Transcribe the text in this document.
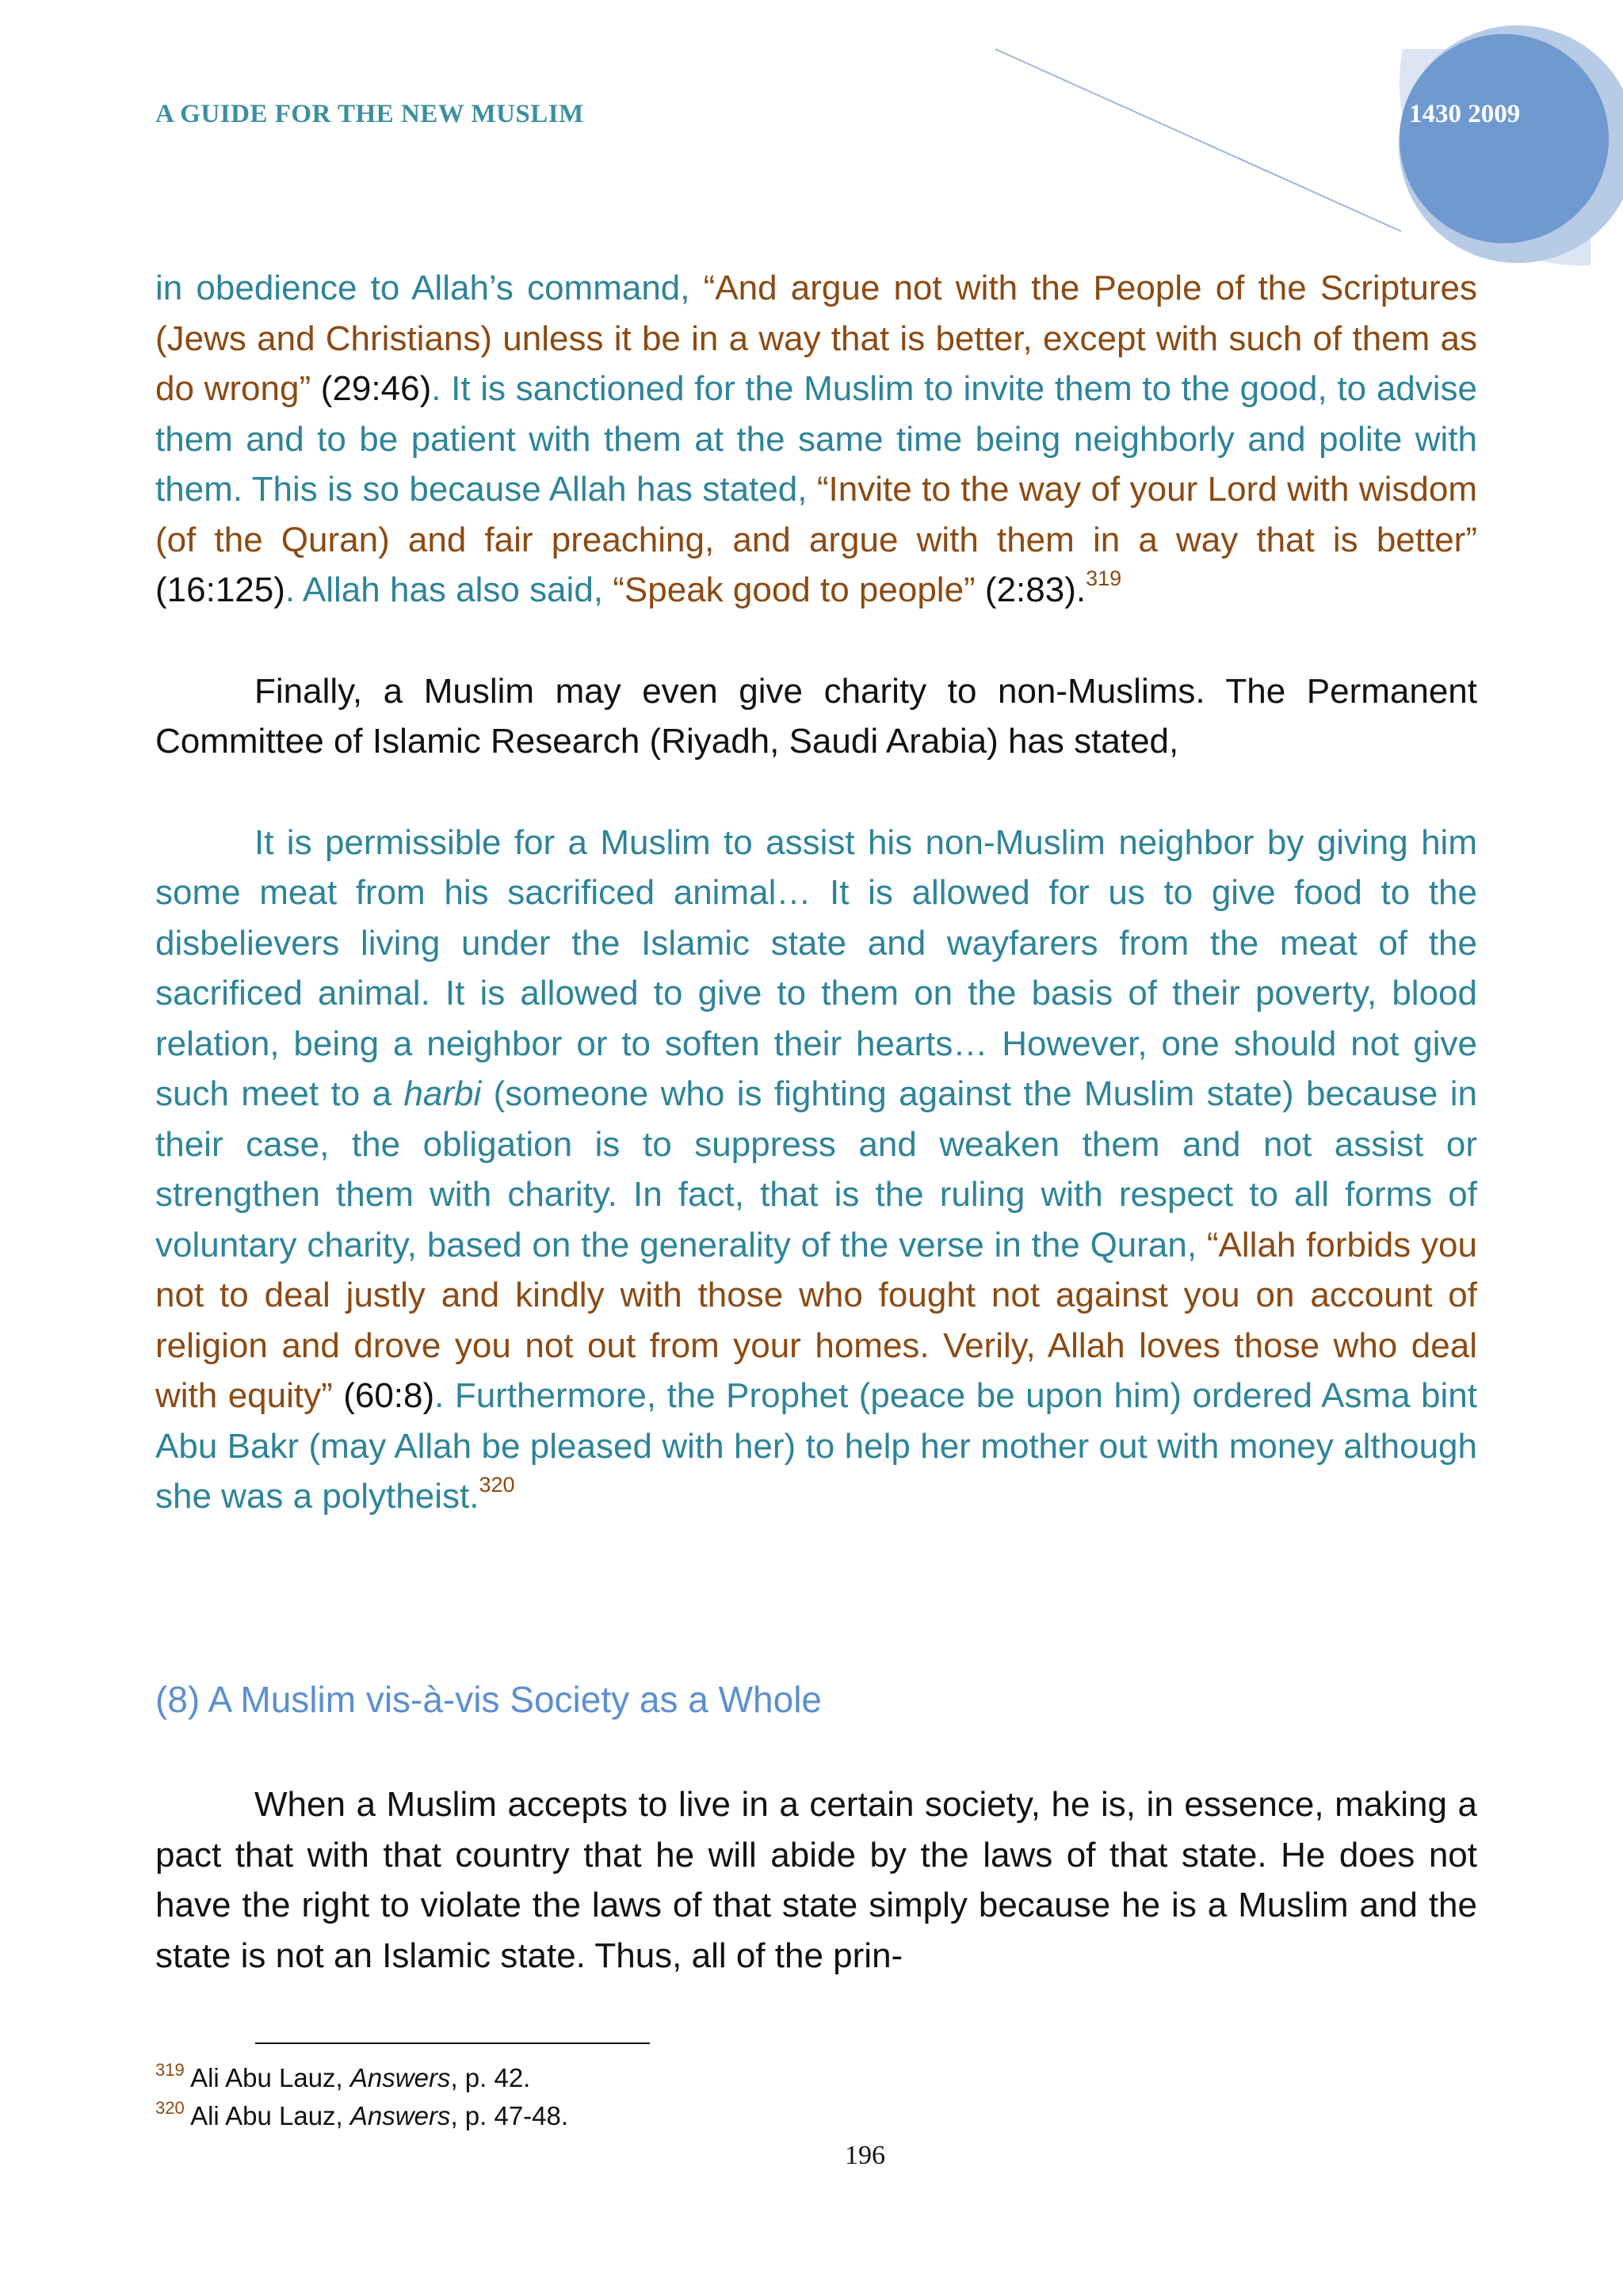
A GUIDE FOR THE NEW MUSLIM	1430 2009

in obedience to Allah’s command, “And argue not with the People of the Scriptures (Jews and Christians) unless it be in a way that is better, except with such of them as do wrong” (29:46). It is sanctioned for the Muslim to invite them to the good, to advise them and to be patient with them at the same time being neighborly and polite with them. This is so because Allah has stated, “Invite to the way of your Lord with wisdom (of the Quran) and fair preaching, and argue with them in a way that is better” (16:125). Allah has also said, “Speak good to people” (2:83).$^{319}$

Finally, a Muslim may even give charity to non-Muslims. The Permanent Committee of Islamic Research (Riyadh, Saudi Arabia) has stated,

It is permissible for a Muslim to assist his non-Muslim neighbor by giving him some meat from his sacrificed animal… It is allowed for us to give food to the disbelievers living under the Islamic state and wayfarers from the meat of the sacrificed animal. It is allowed to give to them on the basis of their poverty, blood relation, being a neighbor or to soften their hearts… However, one should not give such meet to a harbi (someone who is fighting against the Muslim state) because in their case, the obligation is to suppress and weaken them and not assist or strengthen them with charity. In fact, that is the ruling with respect to all forms of voluntary charity, based on the generality of the verse in the Quran, “Allah forbids you not to deal justly and kindly with those who fought not against you on account of religion and drove you not out from your homes. Verily, Allah loves those who deal with equity” (60:8). Furthermore, the Prophet (peace be upon him) ordered Asma bint Abu Bakr (may Allah be pleased with her) to help her mother out with money although she was a polytheist.$^{320}$

(8) A Muslim vis-à-vis Society as a Whole

When a Muslim accepts to live in a certain society, he is, in essence, making a pact that with that country that he will abide by the laws of that state. He does not have the right to violate the laws of that state simply because he is a Muslim and the state is not an Islamic state. Thus, all of the prin-

$^{319}$ Ali Abu Lauz, Answers, p. 42.
$^{320}$ Ali Abu Lauz, Answers, p. 47-48.
196
